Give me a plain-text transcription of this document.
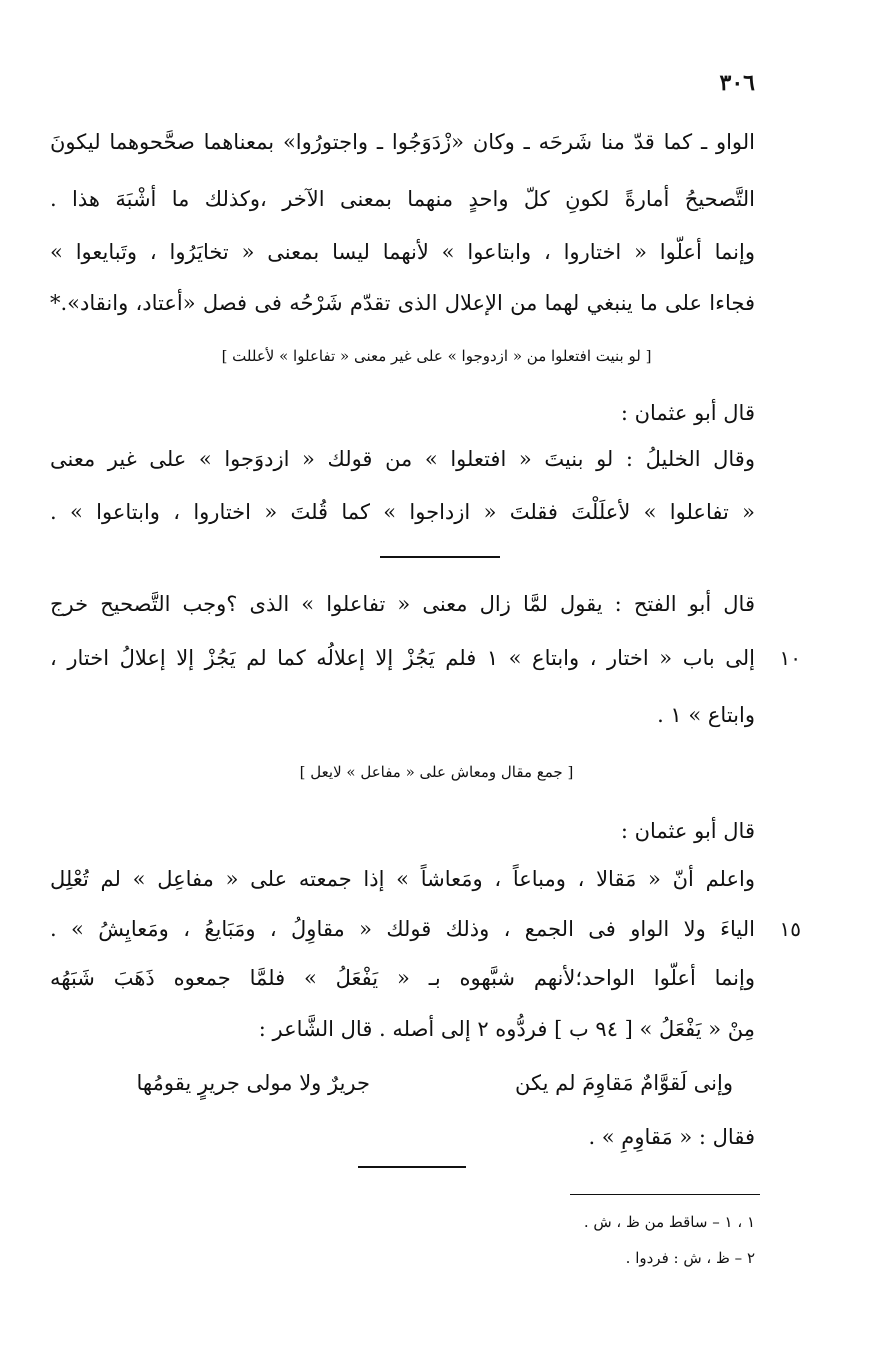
٣٠٦
الواو ـ كما قدّ منا شَرحَه ـ وكان «زْدَوَجُوا ـ واجتورُوا» بمعناهما صحَّحوهما ليكونَ
التَّصحيحُ أمارةً لكونِ كلّ واحدٍ منهما بمعنى الآخر ،وكذلك ما أشْبَهَ هذا .
وإنما أعلّوا « اختاروا ، وابتاعوا » لأنهما ليسا بمعنى « تخايَرُوا ، وتَبايعوا »
فجاءا على ما ينبغي لهما من الإعلال الذى تقدّم شَرْحُه فى فصل «أعتاد، وانقاد».*
[ لو بنيت افتعلوا من « ازدوجوا » على غير معنى « تفاعلوا » لأعللت ]
قال أبو عثمان :
وقال الخليلُ : لو بنيتَ « افتعلوا » من قولك « ازدوَجوا » على غير معنى
« تفاعلوا » لأعلَلْتَ فقلتَ « ازداجوا » كما قُلتَ « اختاروا ، وابتاعوا » .
قال أبو الفتح : يقول لمَّا زال معنى « تفاعلوا » الذى ؟وجب التَّصحيح خرج
١٠
إلى باب « اختار ، وابتاع » ١ فلم يَجُزْ إلا إعلالُه كما لم يَجُزْ إلا إعلالُ اختار ،
وابتاع » ١ .
[ جمع مقال ومعاش على « مفاعل » لايعل ]
قال أبو عثمان :
واعلم أنّ « مَقالا ، ومباعاً ، ومَعاشاً » إذا جمعته على « مفاعِل » لم تُعْلِل
١٥
الياءَ ولا الواو فى الجمع ، وذلك قولك « مقاوِلُ ، ومَبَايعُ ، ومَعايِشُ » .
وإنما أعلّوا الواحد؛لأنهم شبَّهوه بـ « يَفْعَلُ » فلمَّا جمعوه ذَهَبَ شَبَهُه
مِنْ « يَفْعَلُ » [ ٩٤ ب ] فردُّوه ٢ إلى أصله . قال الشَّاعر :
وإنى لَقوَّامٌ مَقاوِمَ لم يكن
جريرٌ ولا مولى جريرٍ يقومُها
فقال : « مَقاوِمِ » .
١ ، ١ – ساقط من ظ ، ش .
٢ – ظ ، ش : فردوا .
